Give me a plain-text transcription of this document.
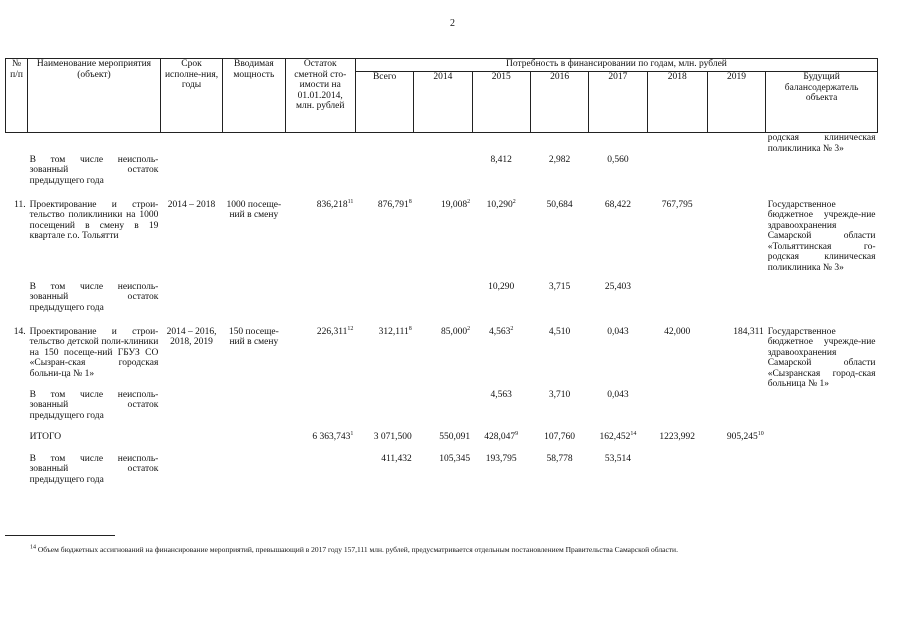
2
№ п/п	Наименование мероприятия (объект)	Срок исполне-ния, годы	Вводимая мощность	Остаток сметной сто-имости на 01.01.2014, млн. рублей	Потребность в финансировании по годам, млн. рублей							
					Всего	2014	2015	2016	2017	2018	2019	Будущий балансодержатель объекта
												родская клиническая поликлиника № 3»
	В том числе неисполь-зованный остаток предыдущего года						8,412	2,982	0,560			
11.	Проектирование и строи-тельство поликлиники на 1000 посещений в смену в 19 квартале г.о. Тольятти	2014 – 2018	1000 посеще-ний в смену	836,218$^{11}$	876,791$^8$	19,008$^2$	10,290$^2$	50,684	68,422	767,795		Государственное бюджетное учрежде-ние здравоохранения Самарской области «Тольяттинская го-родская клиническая поликлиника № 3»
	В том числе неисполь-зованный остаток предыдущего года						10,290	3,715	25,403			
14.	Проектирование и строи-тельство детской поли-клиники на 150 посеще-ний ГБУЗ СО «Сызран-ская городская больни-ца № 1»	2014 – 2016, 2018, 2019	150 посеще-ний в смену	226,311$^{12}$	312,111$^8$	85,000$^2$	4,563$^2$	4,510	0,043	42,000	184,311	Государственное бюджетное учрежде-ние здравоохранения Самарской области «Сызранская город-ская больница № 1»
	В том числе неисполь-зованный остаток предыдущего года						4,563	3,710	0,043			
	ИТОГО			6 363,743$^1$	3 071,500	550,091	428,047$^9$	107,760	162,452$^{14}$	1223,992	905,245$^{10}$	
	В том числе неисполь-зованный остаток предыдущего года				411,432	105,345	193,795	58,778	53,514			
$^{14}$ Объем бюджетных ассигнований на финансирование мероприятий, превышающий в 2017 году 157,111 млн. рублей, предусматривается отдельным постановлением Правительства Самарской области.
